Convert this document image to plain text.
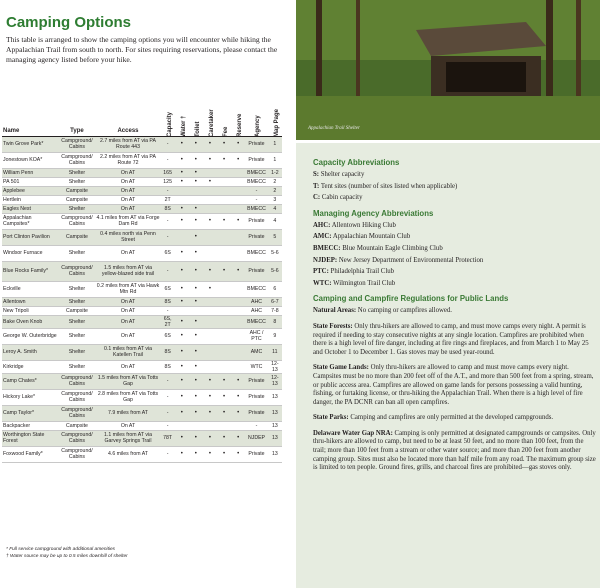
Camping Options
This table is arranged to show the camping options you will encounter while hiking the Appalachian Trail from south to north. For sites requiring reservations, please contact the managing agency listed before your hike.
Name	Type	Access	Capacity	Water †	Toilet	Caretaker	Fee	Reserve	Agency	Map Page
Twin Grove Park*	Campground/ Cabins	2.7 miles from AT via PA Route 443	-	•	•	•	•	•	Private	1
Jonestown KOA*	Campground/ Cabins	2.2 miles from AT via PA Route 72	-	•	•	•	•	•	Private	1
William Penn	Shelter	On AT	165	•	•				BMECC	1-2
PA 501	Shelter	On AT	125	•	•	•			BMECC	2
Applebee	Campsite	On AT	-						-	2
Hertlein	Campsite	On AT	2T						-	3
Eagles Nest	Shelter	On AT	8S	•	•				BMECC	4
Appalachian Campsites*	Campground/ Cabins	4.1 miles from AT via Forge Dam Rd	-	•	•	•	•	•	Private	4
Port Clinton Pavilion	Campsite	0.4 miles north via Penn Street	-		•				Private	5
Windsor Furnace	Shelter	On AT	6S	•	•				BMECC	5-6
Blue Rocks Family*	Campground/ Cabins	1.5 miles from AT via yellow-blazed side trail	-	•	•	•	•	•	Private	5-6
Eckville	Shelter	0.2 miles from AT via Hawk Mtn Rd	6S	•	•	•			BMECC	6
Allentown	Shelter	On AT	8S	•	•				AHC	6-7
New Tripoli	Campsite	On AT	-						AHC	7-8
Bake Oven Knob	Shelter	On AT	6S, 2T	•	•				BMECC	8
George W. Outerbridge	Shelter	On AT	6S	•	•				AHC / PTC	9
Leroy A. Smith	Shelter	0.1 miles from AT via Katellen Trail	8S	•	•				AMC	11
Kirkridge	Shelter	On AT	8S	•	•				WTC	12-13
Camp Chates*	Campground/ Cabins	1.5 miles from AT via Totts Gap	-	•	•	•	•	•	Private	12-13
Hickory Lake*	Campground/ Cabins	2.8 miles from AT via Totts Gap	-	•	•	•	•	•	Private	13
Camp Taylor*	Campground/ Cabins	7.9 miles from AT	-	•	•	•	•	•	Private	13
Backpacker	Campsite	On AT	-						-	13
Worthington State Forest	Campground/ Cabins	1.1 miles from AT via Garvey Springs Trail	78T	•	•	•	•	•	NJDEP	13
Foxwood Family*	Campground/ Cabins	4.6 miles from AT	-	•	•	•	•	•	Private	13
* Full service campground with additional amenities
† Water source may be up to 0.5 miles downhill of shelter
Appalachian Trail Shelter
Capacity Abbreviations
S: Shelter capacity
T: Tent sites (number of sites listed when applicable)
C: Cabin capacity
Managing Agency Abbreviations
AHC: Allentown Hiking Club
AMC: Appalachian Mountain Club
BMECC: Blue Mountain Eagle Climbing Club
NJDEP: New Jersey Department of Environmental Protection
PTC: Philadelphia Trail Club
WTC: Wilmington Trail Club
Camping and Campfire Regulations for Public Lands
Natural Areas: No camping or campfires allowed.
State Forests: Only thru-hikers are allowed to camp, and must move camps every night. A permit is required if needing to stay consecutive nights at any single location. Campfires are prohibited when there is a high level of fire danger, including at fire rings and fireplaces, and from March 1 to May 25 and October 1 to December 1. Gas stoves may be used year-round.
State Game Lands: Only thru-hikers are allowed to camp and must move camps every night. Campsites must be no more than 200 feet off of the A.T., and more than 500 feet from a spring, stream, or public access area. Campfires are allowed on game lands for persons possessing a valid hunting, fishing, or furtaking license, or thru-hiking the Appalachian Trail. When there is a high level of fire danger, the PA DCNR can ban all open campfires.
State Parks: Camping and campfires are only permitted at the developed campgrounds.
Delaware Water Gap NRA: Camping is only permitted at designated campgrounds or campsites. Only thru-hikers are allowed to camp, but need to be at least 50 feet, and no more than 100 feet, from the trail; more than 100 feet from a stream or other water source; and more than 200 feet from another camping group. Sites must also be located more than half mile from any road. The maximum group size is limited to ten people. Ground fires, grills, and charcoal fires are prohibited—gas stoves only.
